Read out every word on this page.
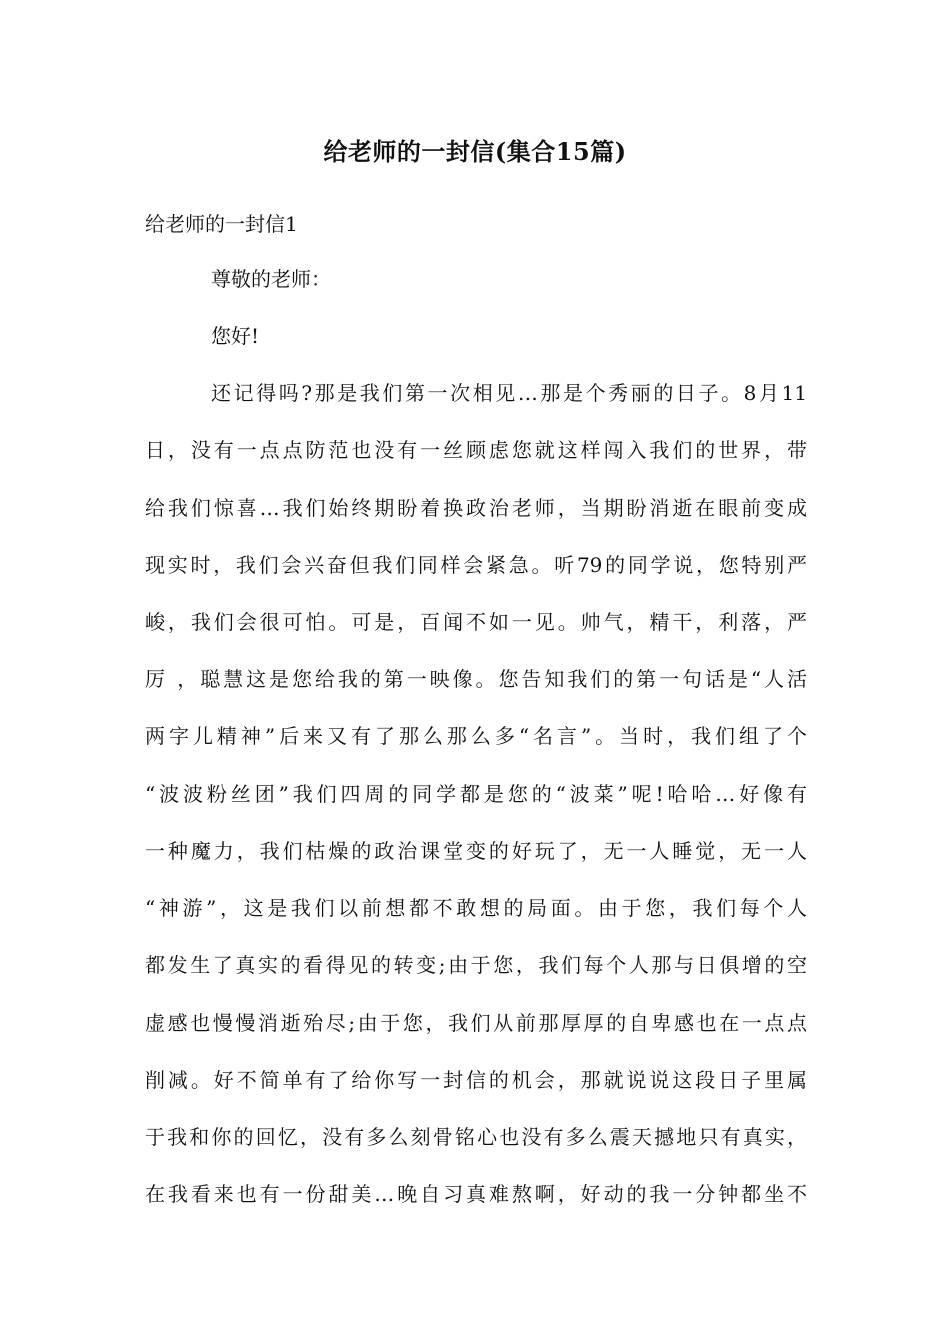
给老师的一封信(集合15篇)
给老师的一封信1
尊敬的老师：
您好!
还记得吗?那是我们第一次相见…那是个秀丽的日子。8月11
日，没有一点点防范也没有一丝顾虑您就这样闯入我们的世界，带
给我们惊喜…我们始终期盼着换政治老师，当期盼消逝在眼前变成
现实时，我们会兴奋但我们同样会紧急。听79的同学说，您特别严
峻，我们会很可怕。可是，百闻不如一见。帅气，精干，利落，严
厉 ，聪慧这是您给我的第一映像。您告知我们的第一句话是“人活
两字儿精神”后来又有了那么那么多“名言”。当时，我们组了个
“波波粉丝团”我们四周的同学都是您的“波菜”呢!哈哈…好像有
一种魔力，我们枯燥的政治课堂变的好玩了，无一人睡觉，无一人
“神游”，这是我们以前想都不敢想的局面。由于您，我们每个人
都发生了真实的看得见的转变;由于您，我们每个人那与日俱增的空
虚感也慢慢消逝殆尽;由于您，我们从前那厚厚的自卑感也在一点点
削减。好不简单有了给你写一封信的机会，那就说说这段日子里属
于我和你的回忆，没有多么刻骨铭心也没有多么震天撼地只有真实，
在我看来也有一份甜美…晚自习真难熬啊，好动的我一分钟都坐不
